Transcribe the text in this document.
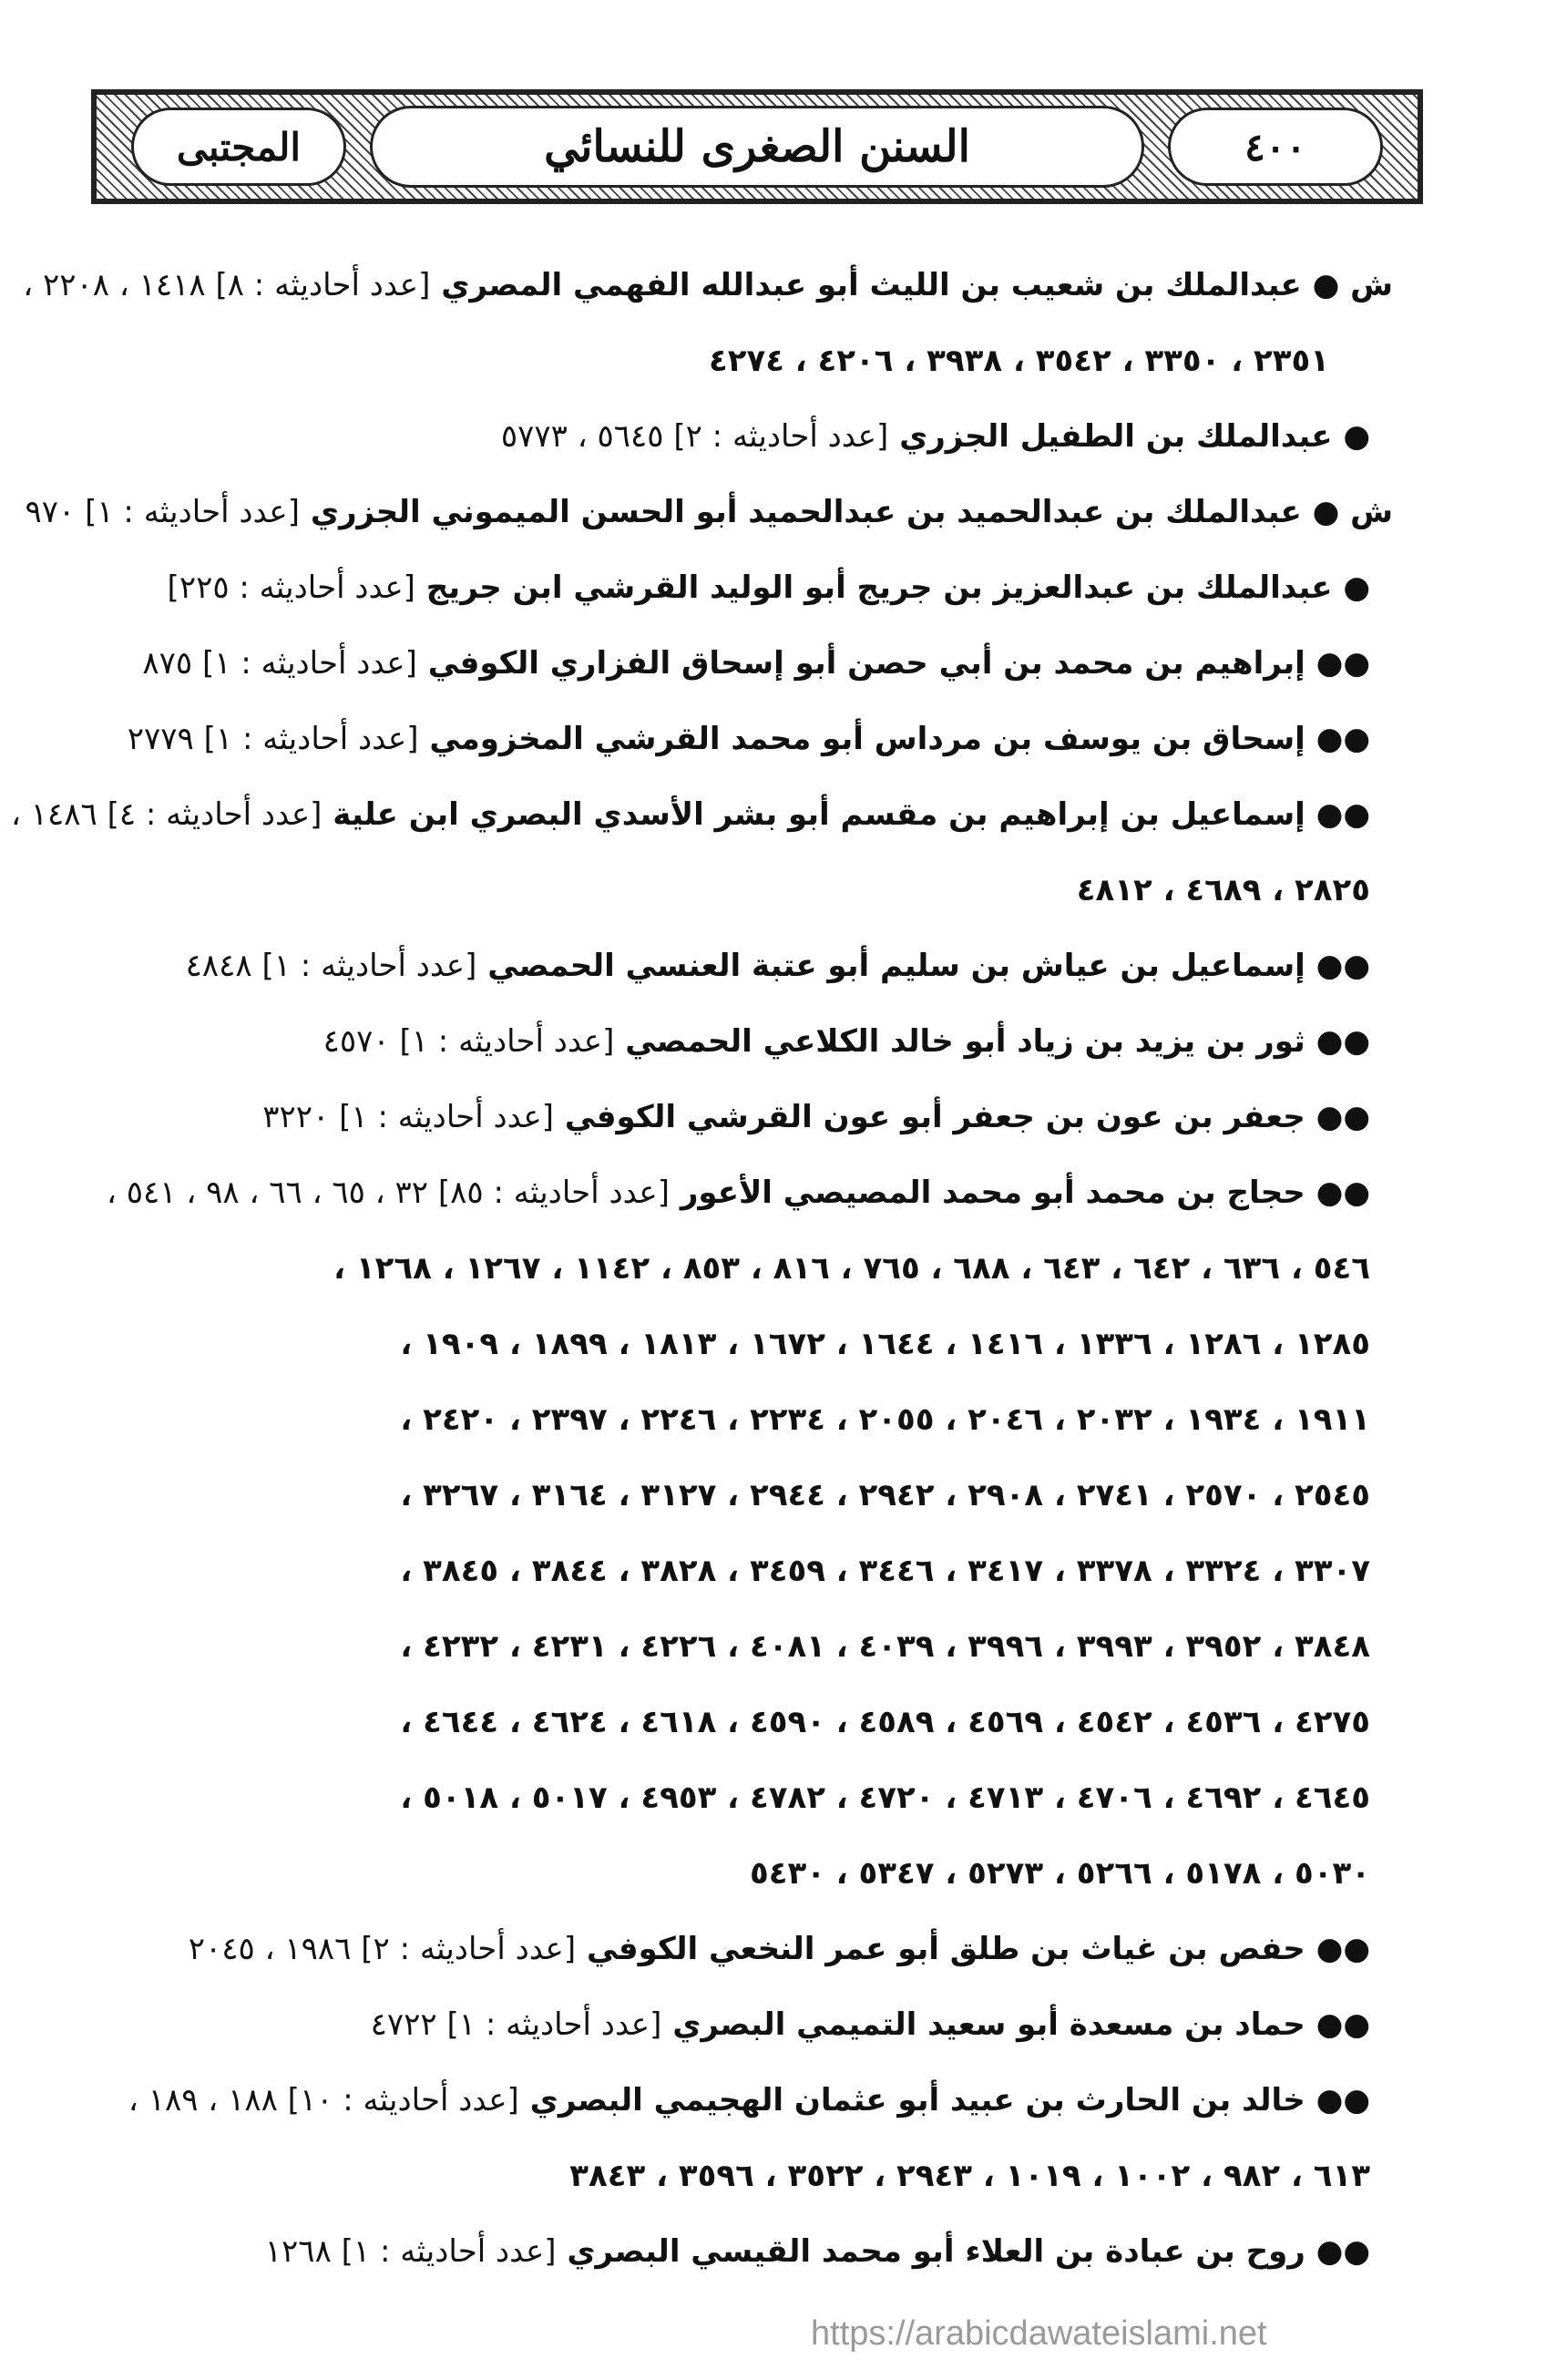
المجتبى	السنن الصغرى للنسائي	٤٠٠
ش ● عبدالملك بن شعيب بن الليث أبو عبدالله الفهمي المصري [عدد أحاديثه : ٨] ١٤١٨ ، ٢٢٠٨ ،
٢٣٥١ ، ٣٣٥٠ ، ٣٥٤٢ ، ٣٩٣٨ ، ٤٢٠٦ ، ٤٢٧٤
● عبدالملك بن الطفيل الجزري [عدد أحاديثه : ٢] ٥٦٤٥ ، ٥٧٧٣
ش ● عبدالملك بن عبدالحميد بن عبدالحميد أبو الحسن الميموني الجزري [عدد أحاديثه : ١] ٩٧٠
● عبدالملك بن عبدالعزيز بن جريج أبو الوليد القرشي ابن جريج [عدد أحاديثه : ٢٢٥]
●● إبراهيم بن محمد بن أبي حصن أبو إسحاق الفزاري الكوفي [عدد أحاديثه : ١] ٨٧٥
●● إسحاق بن يوسف بن مرداس أبو محمد القرشي المخزومي [عدد أحاديثه : ١] ٢٧٧٩
●● إسماعيل بن إبراهيم بن مقسم أبو بشر الأسدي البصري ابن علية [عدد أحاديثه : ٤] ١٤٨٦ ،
٢٨٢٥ ، ٤٦٨٩ ، ٤٨١٢
●● إسماعيل بن عياش بن سليم أبو عتبة العنسي الحمصي [عدد أحاديثه : ١] ٤٨٤٨
●● ثور بن يزيد بن زياد أبو خالد الكلاعي الحمصي [عدد أحاديثه : ١] ٤٥٧٠
●● جعفر بن عون بن جعفر أبو عون القرشي الكوفي [عدد أحاديثه : ١] ٣٢٢٠
●● حجاج بن محمد أبو محمد المصيصي الأعور [عدد أحاديثه : ٨٥] ٣٢ ، ٦٥ ، ٦٦ ، ٩٨ ، ٥٤١ ،
٥٤٦ ، ٦٣٦ ، ٦٤٢ ، ٦٤٣ ، ٦٨٨ ، ٧٦٥ ، ٨١٦ ، ٨٥٣ ، ١١٤٢ ، ١٢٦٧ ، ١٢٦٨ ،
١٢٨٥ ، ١٢٨٦ ، ١٣٣٦ ، ١٤١٦ ، ١٦٤٤ ، ١٦٧٢ ، ١٨١٣ ، ١٨٩٩ ، ١٩٠٩ ،
١٩١١ ، ١٩٣٤ ، ٢٠٣٢ ، ٢٠٤٦ ، ٢٠٥٥ ، ٢٢٣٤ ، ٢٢٤٦ ، ٢٣٩٧ ، ٢٤٢٠ ،
٢٥٤٥ ، ٢٥٧٠ ، ٢٧٤١ ، ٢٩٠٨ ، ٢٩٤٢ ، ٢٩٤٤ ، ٣١٢٧ ، ٣١٦٤ ، ٣٢٦٧ ،
٣٣٠٧ ، ٣٣٢٤ ، ٣٣٧٨ ، ٣٤١٧ ، ٣٤٤٦ ، ٣٤٥٩ ، ٣٨٢٨ ، ٣٨٤٤ ، ٣٨٤٥ ،
٣٨٤٨ ، ٣٩٥٢ ، ٣٩٩٣ ، ٣٩٩٦ ، ٤٠٣٩ ، ٤٠٨١ ، ٤٢٢٦ ، ٤٢٣١ ، ٤٢٣٢ ،
٤٢٧٥ ، ٤٥٣٦ ، ٤٥٤٢ ، ٤٥٦٩ ، ٤٥٨٩ ، ٤٥٩٠ ، ٤٦١٨ ، ٤٦٢٤ ، ٤٦٤٤ ،
٤٦٤٥ ، ٤٦٩٢ ، ٤٧٠٦ ، ٤٧١٣ ، ٤٧٢٠ ، ٤٧٨٢ ، ٤٩٥٣ ، ٥٠١٧ ، ٥٠١٨ ،
٥٠٣٠ ، ٥١٧٨ ، ٥٢٦٦ ، ٥٢٧٣ ، ٥٣٤٧ ، ٥٤٣٠
●● حفص بن غياث بن طلق أبو عمر النخعي الكوفي [عدد أحاديثه : ٢] ١٩٨٦ ، ٢٠٤٥
●● حماد بن مسعدة أبو سعيد التميمي البصري [عدد أحاديثه : ١] ٤٧٢٢
●● خالد بن الحارث بن عبيد أبو عثمان الهجيمي البصري [عدد أحاديثه : ١٠] ١٨٨ ، ١٨٩ ،
٦١٣ ، ٩٨٢ ، ١٠٠٢ ، ١٠١٩ ، ٢٩٤٣ ، ٣٥٢٢ ، ٣٥٩٦ ، ٣٨٤٣
●● روح بن عبادة بن العلاء أبو محمد القيسي البصري [عدد أحاديثه : ١] ١٢٦٨
https://arabicdawateislami.net
